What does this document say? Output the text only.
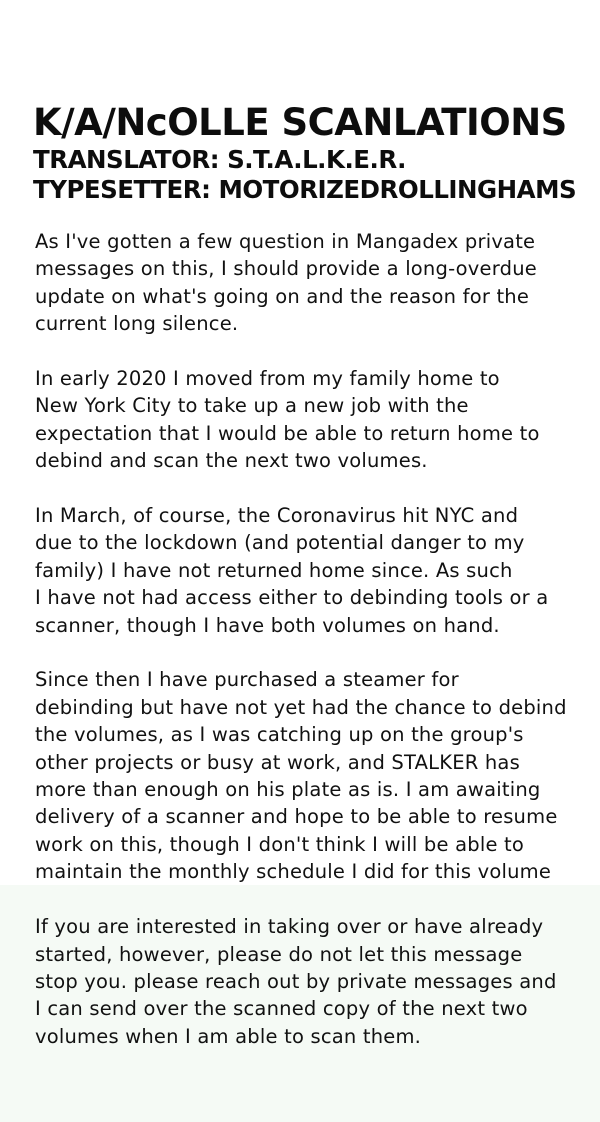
K/A/NcOLLE SCANLATIONS
TRANSLATOR: S.T.A.L.K.E.R.
TYPESETTER: MOTORIZEDROLLINGHAMS

As I've gotten a few question in Mangadex private
messages on this, I should provide a long-overdue
update on what's going on and the reason for the
current long silence.

In early 2020 I moved from my family home to
New York City to take up a new job with the
expectation that I would be able to return home to
debind and scan the next two volumes.

In March, of course, the Coronavirus hit NYC and
due to the lockdown (and potential danger to my
family) I have not returned home since. As such
I have not had access either to debinding tools or a
scanner, though I have both volumes on hand.

Since then I have purchased a steamer for
debinding but have not yet had the chance to debind
the volumes, as I was catching up on the group's
other projects or busy at work, and STALKER has
more than enough on his plate as is. I am awaiting
delivery of a scanner and hope to be able to resume
work on this, though I don't think I will be able to
maintain the monthly schedule I did for this volume

If you are interested in taking over or have already
started, however, please do not let this message
stop you. please reach out by private messages and
I can send over the scanned copy of the next two
volumes when I am able to scan them.
